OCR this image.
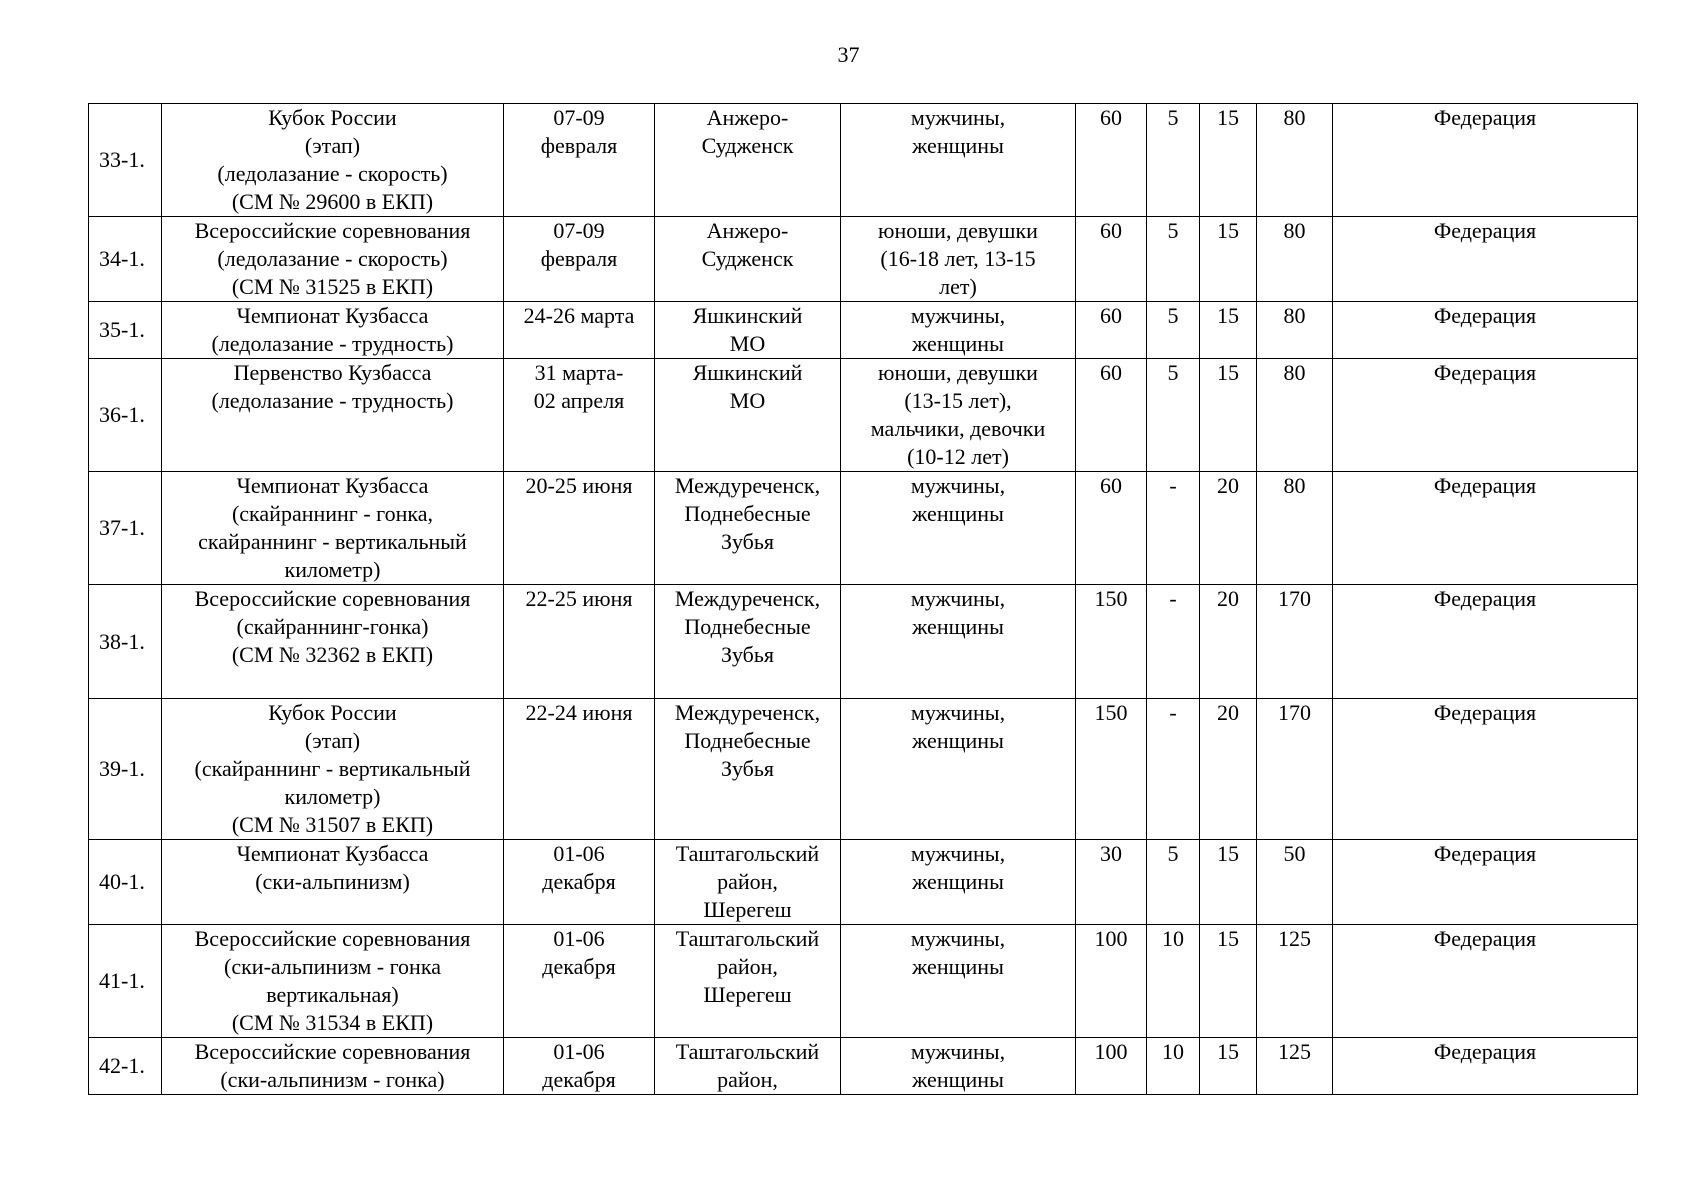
37
33-1.	Кубок России
(этап)
(ледолазание - скорость)
(СМ № 29600 в ЕКП)	07-09
февраля	Анжеро-
Судженск	мужчины,
женщины	60	5	15	80	Федерация
34-1.	Всероссийские соревнования
(ледолазание - скорость)
(СМ № 31525 в ЕКП)	07-09
февраля	Анжеро-
Судженск	юноши, девушки
(16-18 лет, 13-15
лет)	60	5	15	80	Федерация
35-1.	Чемпионат Кузбасса
(ледолазание - трудность)	24-26 марта	Яшкинский
МО	мужчины,
женщины	60	5	15	80	Федерация
36-1.	Первенство Кузбасса
(ледолазание - трудность)	31 марта-
02 апреля	Яшкинский
МО	юноши, девушки
(13-15 лет),
мальчики, девочки
(10-12 лет)	60	5	15	80	Федерация
37-1.	Чемпионат Кузбасса
(скайраннинг - гонка,
скайраннинг - вертикальный
километр)	20-25 июня	Междуреченск,
Поднебесные
Зубья	мужчины,
женщины	60	-	20	80	Федерация
38-1.	Всероссийские соревнования
(скайраннинг-гонка)
(СМ № 32362 в ЕКП)	22-25 июня	Междуреченск,
Поднебесные
Зубья	мужчины,
женщины	150	-	20	170	Федерация
39-1.	Кубок России
(этап)
(скайраннинг - вертикальный
километр)
(СМ № 31507 в ЕКП)	22-24 июня	Междуреченск,
Поднебесные
Зубья	мужчины,
женщины	150	-	20	170	Федерация
40-1.	Чемпионат Кузбасса
(ски-альпинизм)	01-06
декабря	Таштагольский
район,
Шерегеш	мужчины,
женщины	30	5	15	50	Федерация
41-1.	Всероссийские соревнования
(ски-альпинизм - гонка
вертикальная)
(СМ № 31534 в ЕКП)	01-06
декабря	Таштагольский
район,
Шерегеш	мужчины,
женщины	100	10	15	125	Федерация
42-1.	Всероссийские соревнования
(ски-альпинизм - гонка)	01-06
декабря	Таштагольский
район,	мужчины,
женщины	100	10	15	125	Федерация
